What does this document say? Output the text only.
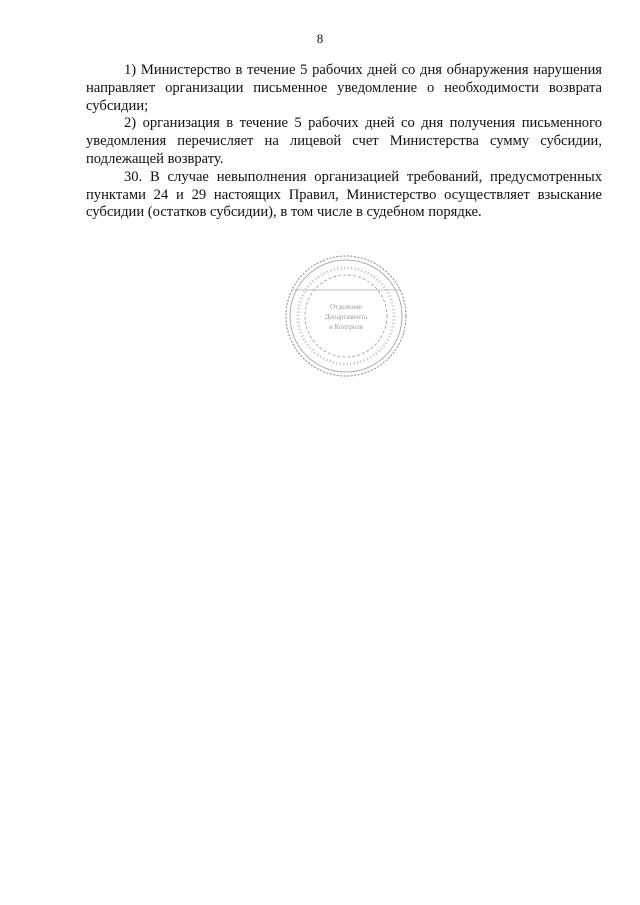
8

1) Министерство в течение 5 рабочих дней со дня обнаружения нарушения направляет организации письменное уведомление о необходимости возврата субсидии;

2) организация в течение 5 рабочих дней со дня получения письменного уведомления перечисляет на лицевой счет Министерства сумму субсидии, подлежащей возврату.

30. В случае невыполнения организацией требований, предусмотренных пунктами 24 и 29 настоящих Правил, Министерство осуществляет взыскание субсидии (остатков субсидии), в том числе в судебном порядке.

Отделение
Департамента
и Контроля
